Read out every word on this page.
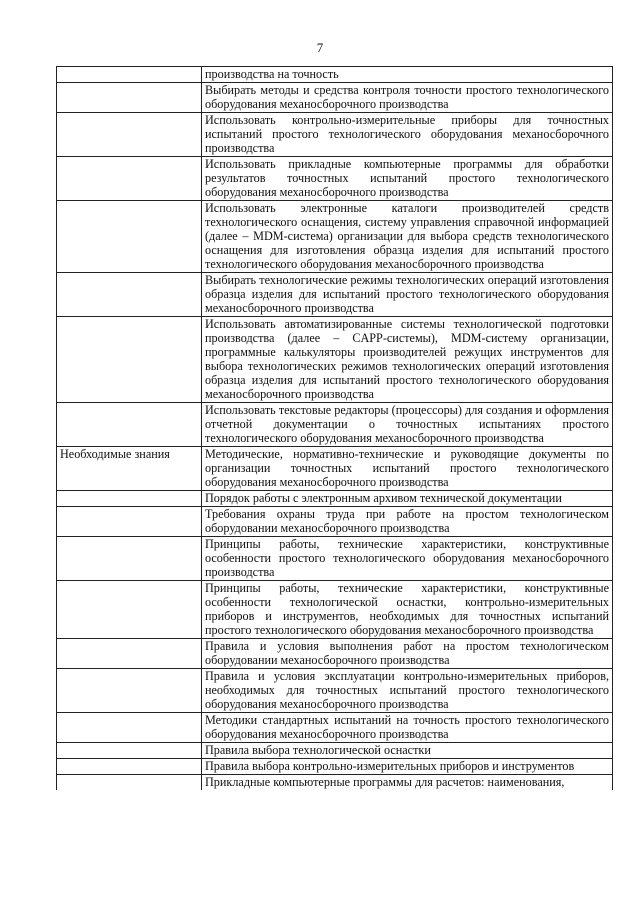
7
	производства на точность
	Выбирать методы и средства контроля точности простого технологического оборудования механосборочного производства
	Использовать контрольно-измерительные приборы для точностных испытаний простого технологического оборудования механосборочного производства
	Использовать прикладные компьютерные программы для обработки результатов точностных испытаний простого технологического оборудования механосборочного производства
	Использовать электронные каталоги производителей средств технологического оснащения, систему управления справочной информацией (далее – MDM-система) организации для выбора средств технологического оснащения для изготовления образца изделия для испытаний простого технологического оборудования механосборочного производства
	Выбирать технологические режимы технологических операций изготовления образца изделия для испытаний простого технологического оборудования механосборочного производства
	Использовать автоматизированные системы технологической подготовки производства (далее – CAPP-системы), MDM-систему организации, программные калькуляторы производителей режущих инструментов для выбора технологических режимов технологических операций изготовления образца изделия для испытаний простого технологического оборудования механосборочного производства
	Использовать текстовые редакторы (процессоры) для создания и оформления отчетной документации о точностных испытаниях простого технологического оборудования механосборочного производства
Необходимые знания	Методические, нормативно-технические и руководящие документы по организации точностных испытаний простого технологического оборудования механосборочного производства
	Порядок работы с электронным архивом технической документации
	Требования охраны труда при работе на простом технологическом оборудовании механосборочного производства
	Принципы работы, технические характеристики, конструктивные особенности простого технологического оборудования механосборочного производства
	Принципы работы, технические характеристики, конструктивные особенности технологической оснастки, контрольно-измерительных приборов и инструментов, необходимых для точностных испытаний простого технологического оборудования механосборочного производства
	Правила и условия выполнения работ на простом технологическом оборудовании механосборочного производства
	Правила и условия эксплуатации контрольно-измерительных приборов, необходимых для точностных испытаний простого технологического оборудования механосборочного производства
	Методики стандартных испытаний на точность простого технологического оборудования механосборочного производства
	Правила выбора технологической оснастки
	Правила выбора контрольно-измерительных приборов и инструментов
	Прикладные компьютерные программы для расчетов: наименования,
